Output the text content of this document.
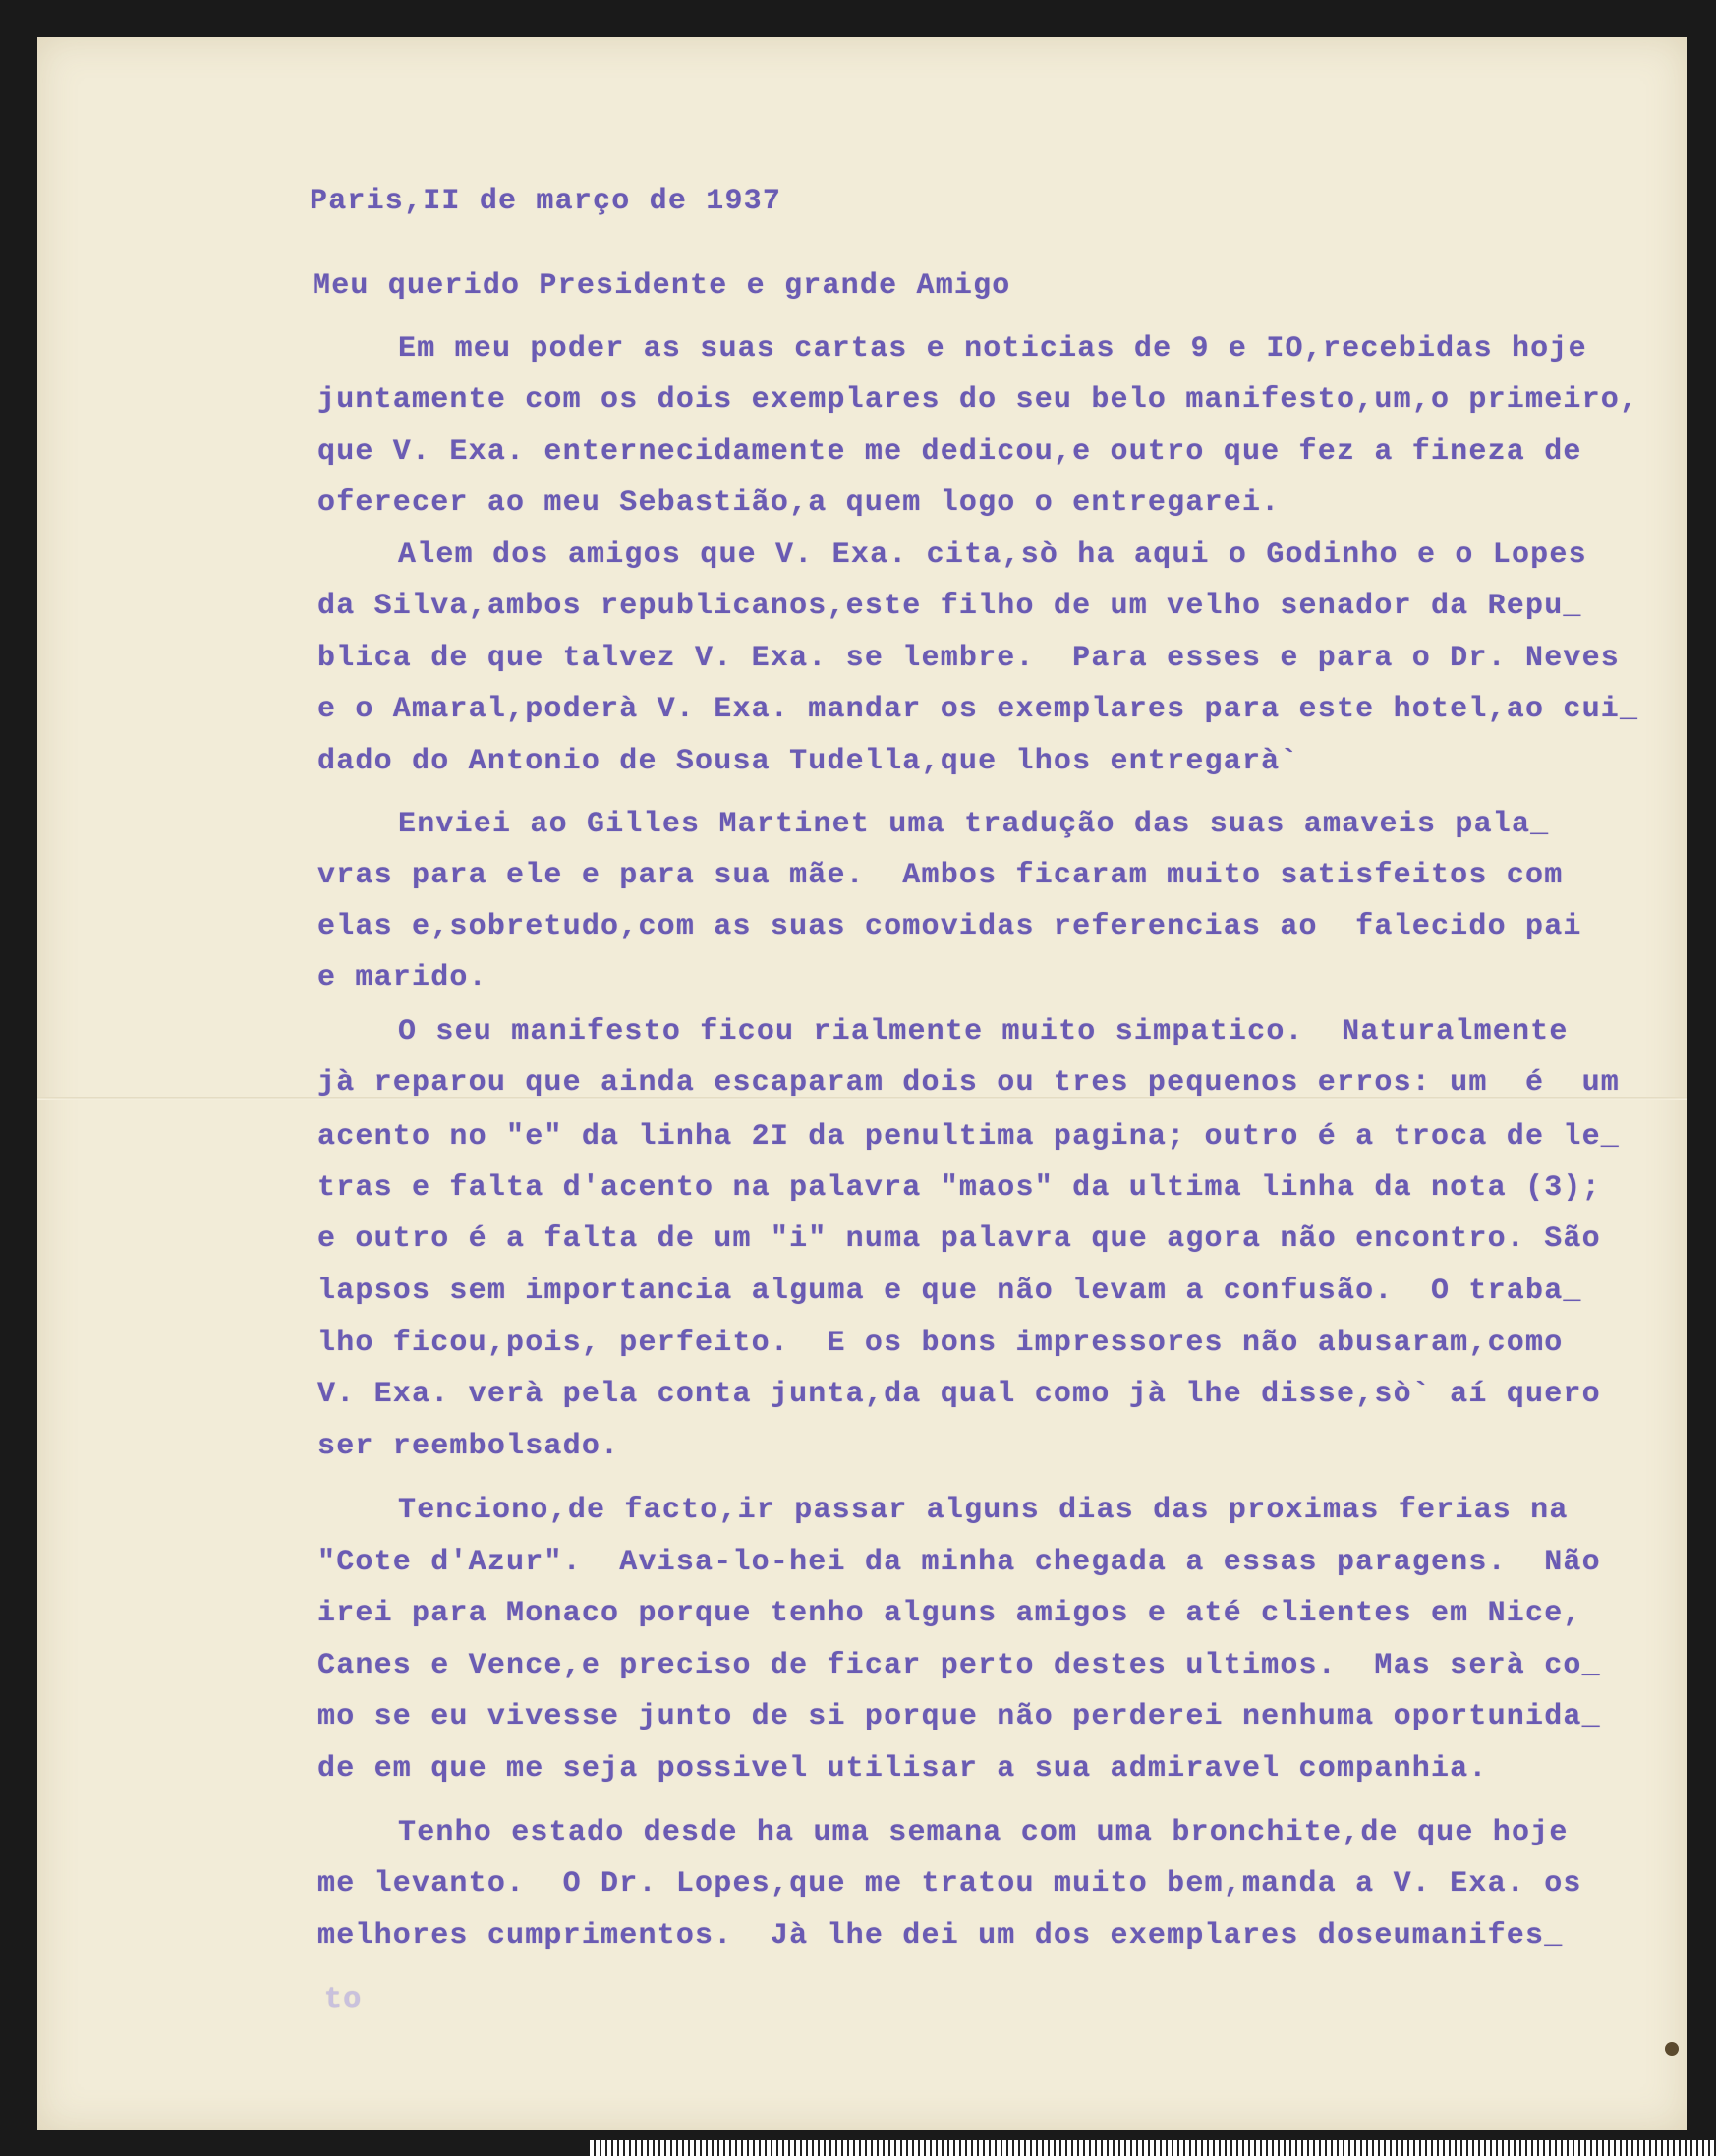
Paris,II de março de 1937
Meu querido Presidente e grande Amigo
Em meu poder as suas cartas e noticias de 9 e IO,recebidas hoje
juntamente com os dois exemplares do seu belo manifesto,um,o primeiro,
que V. Exa. enternecidamente me dedicou,e outro que fez a fineza de
oferecer ao meu Sebastião,a quem logo o entregarei.
Alem dos amigos que V. Exa. cita,sò ha aqui o Godinho e o Lopes
da Silva,ambos republicanos,este filho de um velho senador da Repu_
blica de que talvez V. Exa. se lembre.  Para esses e para o Dr. Neves
e o Amaral,poderà V. Exa. mandar os exemplares para este hotel,ao cui_
dado do Antonio de Sousa Tudella,que lhos entregarà`
Enviei ao Gilles Martinet uma tradução das suas amaveis pala_
vras para ele e para sua mãe.  Ambos ficaram muito satisfeitos com
elas e,sobretudo,com as suas comovidas referencias ao  falecido pai
e marido.
O seu manifesto ficou rialmente muito simpatico.  Naturalmente
jà reparou que ainda escaparam dois ou tres pequenos erros: um  é  um
acento no "e" da linha 2I da penultima pagina; outro é a troca de le_
tras e falta d'acento na palavra "maos" da ultima linha da nota (3);
e outro é a falta de um "i" numa palavra que agora não encontro. São
lapsos sem importancia alguma e que não levam a confusão.  O traba_
lho ficou,pois, perfeito.  E os bons impressores não abusaram,como
V. Exa. verà pela conta junta,da qual como jà lhe disse,sò` aí quero
ser reembolsado.
Tenciono,de facto,ir passar alguns dias das proximas ferias na
"Cote d'Azur".  Avisa-lo-hei da minha chegada a essas paragens.  Não
irei para Monaco porque tenho alguns amigos e até clientes em Nice,
Canes e Vence,e preciso de ficar perto destes ultimos.  Mas serà co_
mo se eu vivesse junto de si porque não perderei nenhuma oportunida_
de em que me seja possivel utilisar a sua admiravel companhia.
Tenho estado desde ha uma semana com uma bronchite,de que hoje
me levanto.  O Dr. Lopes,que me tratou muito bem,manda a V. Exa. os
melhores cumprimentos.  Jà lhe dei um dos exemplares doseumanifes_
to
